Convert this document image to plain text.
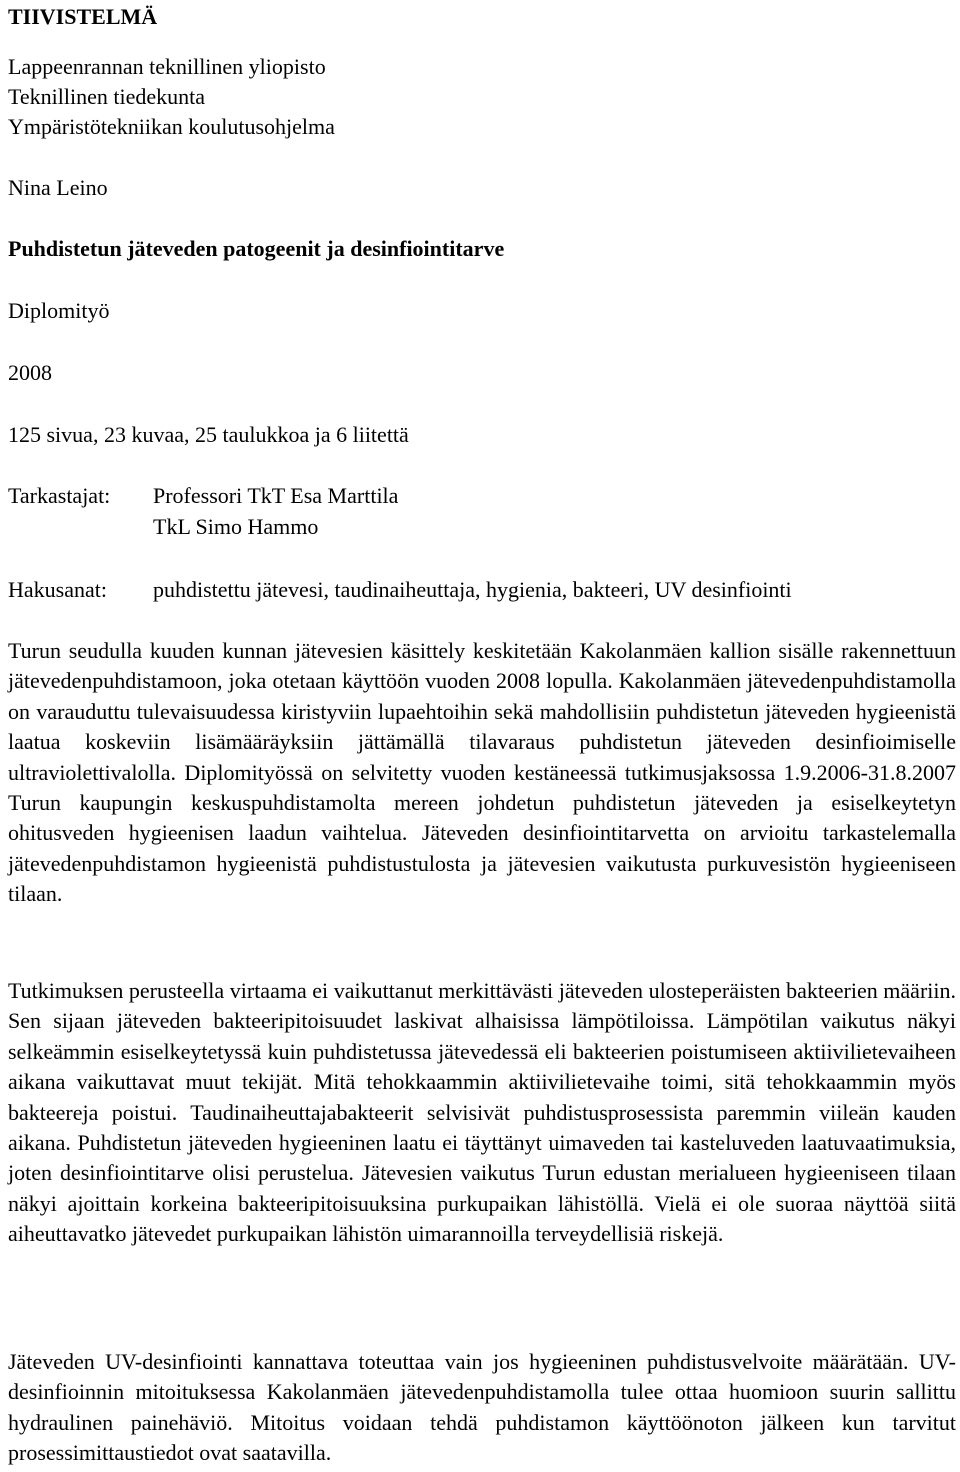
TIIVISTELMÄ
Lappeenrannan teknillinen yliopisto
Teknillinen tiedekunta
Ympäristötekniikan koulutusohjelma
Nina Leino
Puhdistetun jäteveden patogeenit ja desinfiointitarve
Diplomityö
2008
125 sivua, 23 kuvaa, 25 taulukkoa ja 6 liitettä
Tarkastajat: Professori TkT Esa Marttila
TkL Simo Hammo
Hakusanat: puhdistettu jätevesi, taudinaiheuttaja, hygienia, bakteeri, UV desinfiointi
Turun seudulla kuuden kunnan jätevesien käsittely keskitetään Kakolanmäen kallion sisälle rakennettuun jätevedenpuhdistamoon, joka otetaan käyttöön vuoden 2008 lopulla. Kakolanmäen jätevedenpuhdistamolla on varauduttu tulevaisuudessa kiristyviin lupaehtoihin sekä mahdollisiin puhdistetun jäteveden hygieenistä laatua koskeviin lisämääräyksiin jättämällä tilavaraus puhdistetun jäteveden desinfioimiselle ultraviolettivalolla. Diplomityössä on selvitetty vuoden kestäneessä tutkimusjaksossa 1.9.2006-31.8.2007 Turun kaupungin keskuspuhdistamolta mereen johdetun puhdistetun jäteveden ja esiselkeytetyn ohitusveden hygieenisen laadun vaihtelua. Jäteveden desinfiointitarvetta on arvioitu tarkastelemalla jätevedenpuhdistamon hygieenistä puhdistustulosta ja jätevesien vaikutusta purkuvesistön hygieeniseen tilaan.
Tutkimuksen perusteella virtaama ei vaikuttanut merkittävästi jäteveden ulosteperäisten bakteerien määriin. Sen sijaan jäteveden bakteeripitoisuudet laskivat alhaisissa lämpötiloissa. Lämpötilan vaikutus näkyi selkeämmin esiselkeytetyssä kuin puhdistetussa jätevedessä eli bakteerien poistumiseen aktiivilietevaiheen aikana vaikuttavat muut tekijät. Mitä tehokkaammin aktiivilietevaihe toimi, sitä tehokkaammin myös bakteereja poistui. Taudinaiheuttajabakteerit selvisivät puhdistusprosessista paremmin viileän kauden aikana. Puhdistetun jäteveden hygieeninen laatu ei täyttänyt uimaveden tai kasteluveden laatuvaatimuksia, joten desinfiointitarve olisi perustelua. Jätevesien vaikutus Turun edustan merialueen hygieeniseen tilaan näkyi ajoittain korkeina bakteeripitoisuuksina purkupaikan lähistöllä. Vielä ei ole suoraa näyttöä siitä aiheuttavatko jätevedet purkupaikan lähistön uimarannoilla terveydellisiä riskejä.
Jäteveden UV-desinfiointi kannattava toteuttaa vain jos hygieeninen puhdistusvelvoite määrätään. UV-desinfioinnin mitoituksessa Kakolanmäen jätevedenpuhdistamolla tulee ottaa huomioon suurin sallittu hydraulinen painehäviö. Mitoitus voidaan tehdä puhdistamon käyttöönoton jälkeen kun tarvitut prosessimittaustiedot ovat saatavilla.
